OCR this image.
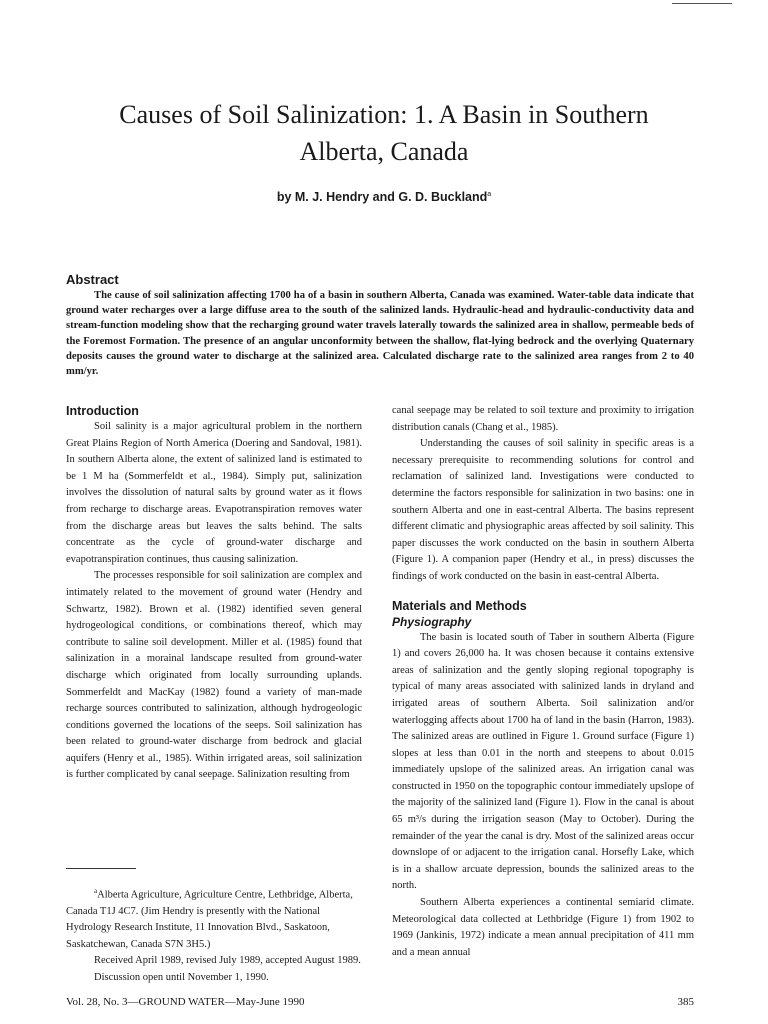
Causes of Soil Salinization: 1. A Basin in Southern Alberta, Canada

by M. J. Hendry and G. D. Buckland$^a$

Abstract

The cause of soil salinization affecting 1700 ha of a basin in southern Alberta, Canada was examined. Water-table data indicate that ground water recharges over a large diffuse area to the south of the salinized lands. Hydraulic-head and hydraulic-conductivity data and stream-function modeling show that the recharging ground water travels laterally towards the salinized area in shallow, permeable beds of the Foremost Formation. The presence of an angular unconformity between the shallow, flat-lying bedrock and the overlying Quaternary deposits causes the ground water to discharge at the salinized area. Calculated discharge rate to the salinized area ranges from 2 to 40 mm/yr.

Introduction

Soil salinity is a major agricultural problem in the northern Great Plains Region of North America (Doering and Sandoval, 1981). In southern Alberta alone, the extent of salinized land is estimated to be 1 M ha (Sommerfeldt et al., 1984). Simply put, salinization involves the dissolution of natural salts by ground water as it flows from recharge to discharge areas. Evapotranspiration removes water from the discharge areas but leaves the salts behind. The salts concentrate as the cycle of ground-water discharge and evapotranspiration continues, thus causing salinization.

The processes responsible for soil salinization are complex and intimately related to the movement of ground water (Hendry and Schwartz, 1982). Brown et al. (1982) identified seven general hydrogeological conditions, or combinations thereof, which may contribute to saline soil development. Miller et al. (1985) found that salinization in a morainal landscape resulted from ground-water discharge which originated from locally surrounding uplands. Sommerfeldt and MacKay (1982) found a variety of man-made recharge sources contributed to salinization, although hydrogeologic conditions governed the locations of the seeps. Soil salinization has been related to ground-water discharge from bedrock and glacial aquifers (Henry et al., 1985). Within irrigated areas, soil salinization is further complicated by canal seepage. Salinization resulting from

canal seepage may be related to soil texture and proximity to irrigation distribution canals (Chang et al., 1985).

Understanding the causes of soil salinity in specific areas is a necessary prerequisite to recommending solutions for control and reclamation of salinized land. Investigations were conducted to determine the factors responsible for salinization in two basins: one in southern Alberta and one in east-central Alberta. The basins represent different climatic and physiographic areas affected by soil salinity. This paper discusses the work conducted on the basin in southern Alberta (Figure 1). A companion paper (Hendry et al., in press) discusses the findings of work conducted on the basin in east-central Alberta.

Materials and Methods
Physiography

The basin is located south of Taber in southern Alberta (Figure 1) and covers 26,000 ha. It was chosen because it contains extensive areas of salinization and the gently sloping regional topography is typical of many areas associated with salinized lands in dryland and irrigated areas of southern Alberta. Soil salinization and/or waterlogging affects about 1700 ha of land in the basin (Harron, 1983). The salinized areas are outlined in Figure 1. Ground surface (Figure 1) slopes at less than 0.01 in the north and steepens to about 0.015 immediately upslope of the salinized areas. An irrigation canal was constructed in 1950 on the topographic contour immediately upslope of the majority of the salinized land (Figure 1). Flow in the canal is about 65 m³/s during the irrigation season (May to October). During the remainder of the year the canal is dry. Most of the salinized areas occur downslope of or adjacent to the irrigation canal. Horsefly Lake, which is in a shallow arcuate depression, bounds the salinized areas to the north.

Southern Alberta experiences a continental semiarid climate. Meteorological data collected at Lethbridge (Figure 1) from 1902 to 1969 (Jankinis, 1972) indicate a mean annual precipitation of 411 mm and a mean annual

$^a$Alberta Agriculture, Agriculture Centre, Lethbridge, Alberta, Canada T1J 4C7. (Jim Hendry is presently with the National Hydrology Research Institute, 11 Innovation Blvd., Saskatoon, Saskatchewan, Canada S7N 3H5.)

Received April 1989, revised July 1989, accepted August 1989.

Discussion open until November 1, 1990.

Vol. 28, No. 3—GROUND WATER—May-June 1990	385
